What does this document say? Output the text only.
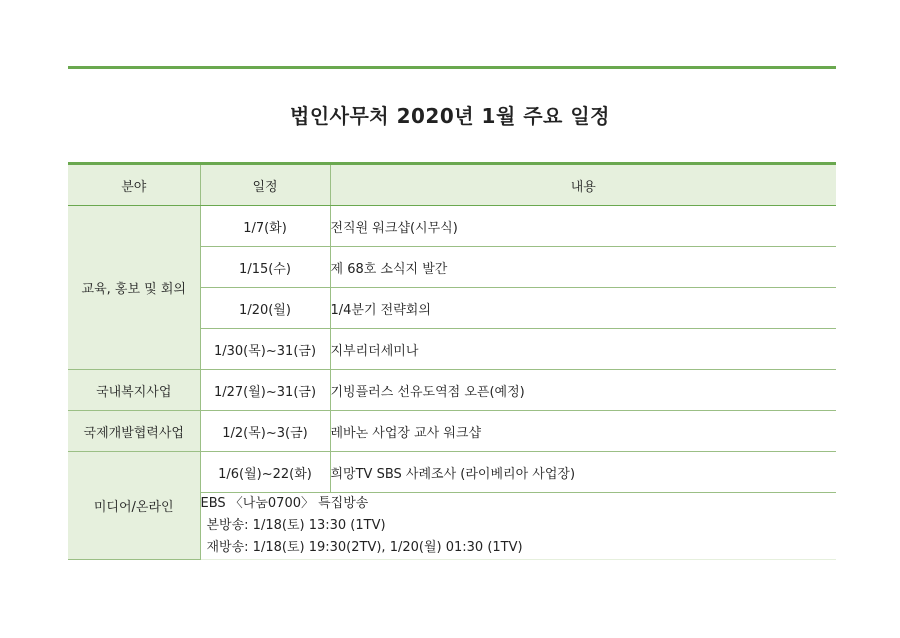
법인사무처 2020년 1월 주요 일정
분야	일정	내용
교육, 홍보 및 회의	1/7(화)	전직원 워크샵(시무식)
	1/15(수)	제 68호 소식지 발간
	1/20(월)	1/4분기 전략회의
	1/30(목)~31(금)	지부리더세미나
국내복지사업	1/27(월)~31(금)	기빙플러스 선유도역점 오픈(예정)
국제개발협력사업	1/2(목)~3(금)	레바논 사업장 교사 워크샵
미디어/온라인	1/6(월)~22(화)	희망TV SBS 사례조사 (라이베리아 사업장)

	EBS 〈나눔0700〉 특집방송
본방송: 1/18(토) 13:30 (1TV)
재방송: 1/18(토) 19:30(2TV), 1/20(월) 01:30 (1TV)	
